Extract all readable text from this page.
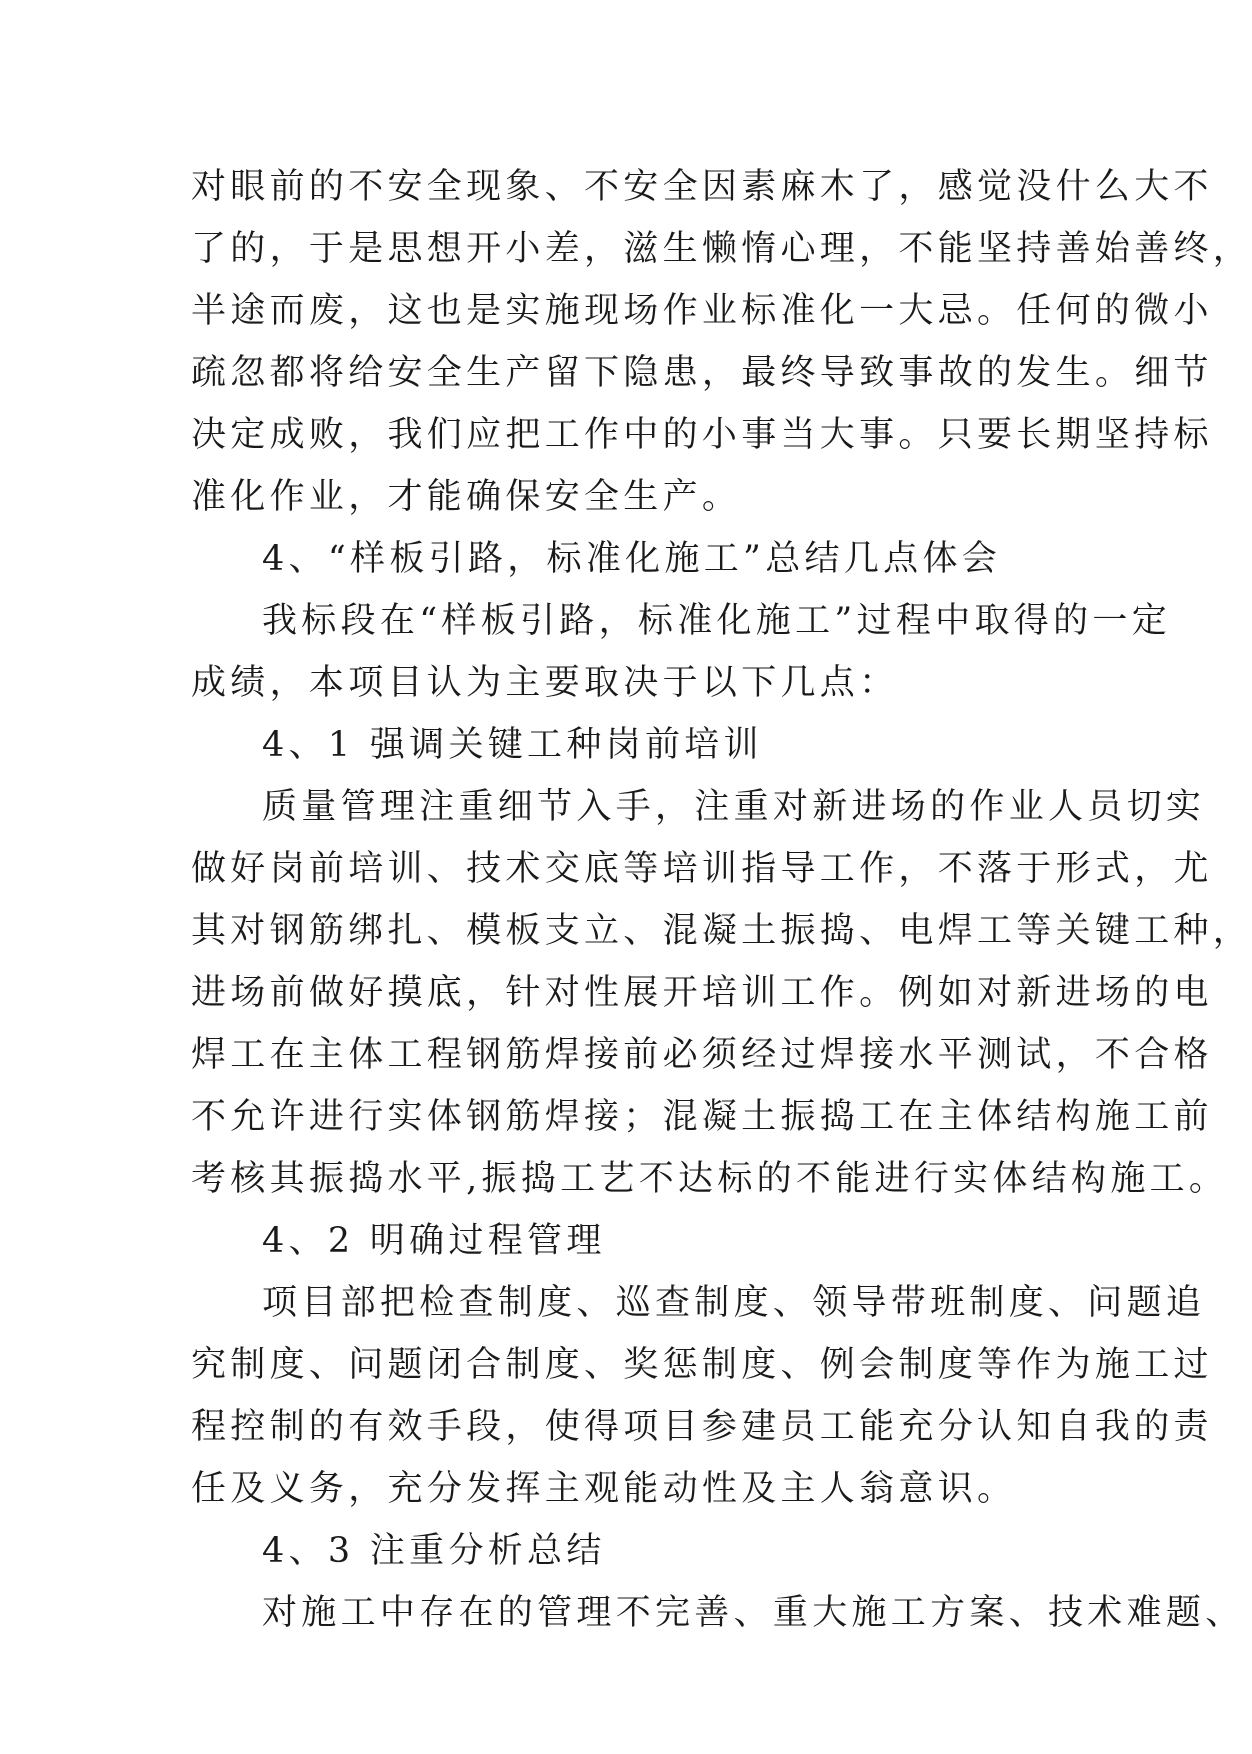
对眼前的不安全现象、不安全因素麻木了，感觉没什么大不
了的，于是思想开小差，滋生懒惰心理，不能坚持善始善终，
半途而废，这也是实施现场作业标准化一大忌。任何的微小
疏忽都将给安全生产留下隐患，最终导致事故的发生。细节
决定成败，我们应把工作中的小事当大事。只要长期坚持标
准化作业，才能确保安全生产。
4、“样板引路，标准化施工”总结几点体会
我标段在“样板引路，标准化施工”过程中取得的一定
成绩，本项目认为主要取决于以下几点：
4、1 强调关键工种岗前培训
质量管理注重细节入手，注重对新进场的作业人员切实
做好岗前培训、技术交底等培训指导工作，不落于形式，尤
其对钢筋绑扎、模板支立、混凝土振捣、电焊工等关键工种，
进场前做好摸底，针对性展开培训工作。例如对新进场的电
焊工在主体工程钢筋焊接前必须经过焊接水平测试，不合格
不允许进行实体钢筋焊接；混凝土振捣工在主体结构施工前
考核其振捣水平,振捣工艺不达标的不能进行实体结构施工。
4、2 明确过程管理
项目部把检查制度、巡查制度、领导带班制度、问题追
究制度、问题闭合制度、奖惩制度、例会制度等作为施工过
程控制的有效手段，使得项目参建员工能充分认知自我的责
任及义务，充分发挥主观能动性及主人翁意识。
4、3 注重分析总结
对施工中存在的管理不完善、重大施工方案、技术难题、
